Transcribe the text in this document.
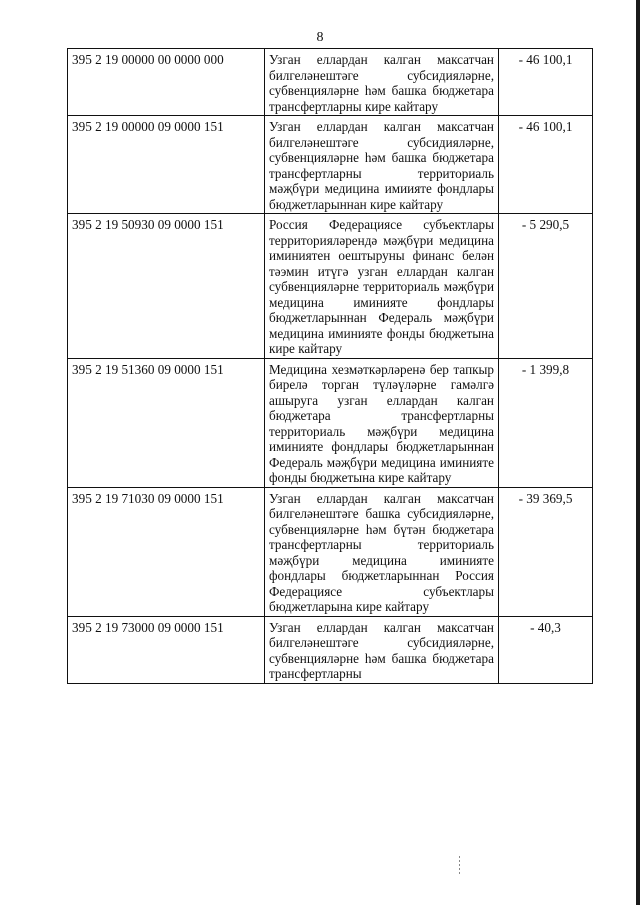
8
395 2 19 00000 00 0000 000	Узган еллардан калган максатчан билгеләнештәге субсидияләрне, субвенцияләрне һәм башка бюджетара трансфертларны кире кайтару	- 46 100,1
395 2 19 00000 09 0000 151	Узган еллардан калган максатчан билгеләнештәге субсидияләрне, субвенцияләрне һәм башка бюджетара трансфертларны территориаль мәҗбүри медицина имиияте фондлары бюджетларыннан кире кайтару	- 46 100,1
395 2 19 50930 09 0000 151	Россия Федерациясе субъектлары территорияләрендә мәҗбүри медицина иминиятен оештыруны финанс белән тәэмин итүгә узган еллардан калган субвенцияләрне территориаль мәҗбүри медицина иминияте фондлары бюджетларыннан Федераль мәҗбүри медицина иминияте фонды бюджетына кире кайтару	- 5 290,5
395 2 19 51360 09 0000 151	Медицина хезмәткәрләренә бер тапкыр бирелә торган түләүләрне гамәлгә ашыруга узган еллардан калган бюджетара трансфертларны территориаль мәҗбүри медицина иминияте фондлары бюджетларыннан Федераль мәҗбүри медицина иминияте фонды бюджетына кире кайтару	- 1 399,8
395 2 19 71030 09 0000 151	Узган еллардан калган максатчан билгеләнештәге башка субсидияләрне, субвенцияләрне һәм бүтән бюджетара трансфертларны территориаль мәҗбүри медицина иминияте фондлары бюджетларыннан Россия Федерациясе субъектлары бюджетларына кире кайтару	- 39 369,5
395 2 19 73000 09 0000 151	Узган еллардан калган максатчан билгеләнештәге субсидияләрне, субвенцияләрне һәм башка бюджетара трансфертларны	- 40,3
